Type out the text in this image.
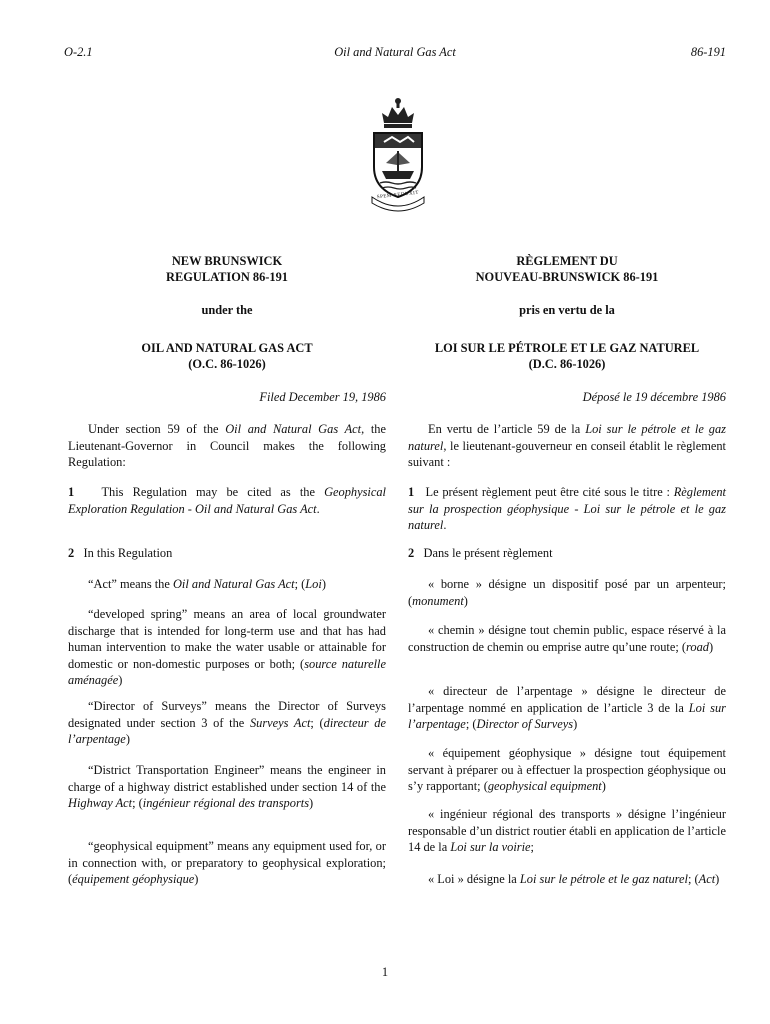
O-2.1	Oil and Natural Gas Act	86-191
SPEM REDUXIT

NEW BRUNSWICK

REGULATION 86-191

under the

OIL AND NATURAL GAS ACT

(O.C. 86-1026)

Filed December 19, 1986

Under section 59 of the Oil and Natural Gas Act, the Lieutenant-Governor in Council makes the following Regulation:

1 This Regulation may be cited as the Geophysical Exploration Regulation - Oil and Natural Gas Act.

2 In this Regulation

“Act” means the Oil and Natural Gas Act; (Loi)

“developed spring” means an area of local groundwater discharge that is intended for long-term use and that has had human intervention to make the water usable or attainable for domestic or non-domestic purposes or both; (source naturelle aménagée)

“Director of Surveys” means the Director of Surveys designated under section 3 of the Surveys Act; (directeur de l’arpentage)

“District Transportation Engineer” means the engineer in charge of a highway district established under section 14 of the Highway Act; (ingénieur régional des transports)

“geophysical equipment” means any equipment used for, or in connection with, or preparatory to geophysical exploration; (équipement géophysique)

RÈGLEMENT DU

NOUVEAU-BRUNSWICK 86-191

pris en vertu de la

LOI SUR LE PÉTROLE ET LE GAZ NATUREL

(D.C. 86-1026)

Déposé le 19 décembre 1986

En vertu de l’article 59 de la Loi sur le pétrole et le gaz naturel, le lieutenant-gouverneur en conseil établit le règlement suivant :

1 Le présent règlement peut être cité sous le titre : Règlement sur la prospection géophysique - Loi sur le pétrole et le gaz naturel.

2 Dans le présent règlement

« borne » désigne un dispositif posé par un arpenteur; (monument)

« chemin » désigne tout chemin public, espace réservé à la construction de chemin ou emprise autre qu’une route; (road)

« directeur de l’arpentage » désigne le directeur de l’arpentage nommé en application de l’article 3 de la Loi sur l’arpentage; (Director of Surveys)

« équipement géophysique » désigne tout équipement servant à préparer ou à effectuer la prospection géophysique ou s’y rapportant; (geophysical equipment)

« ingénieur régional des transports » désigne l’ingénieur responsable d’un district routier établi en application de l’article 14 de la Loi sur la voirie;

« Loi » désigne la Loi sur le pétrole et le gaz naturel; (Act)

1
